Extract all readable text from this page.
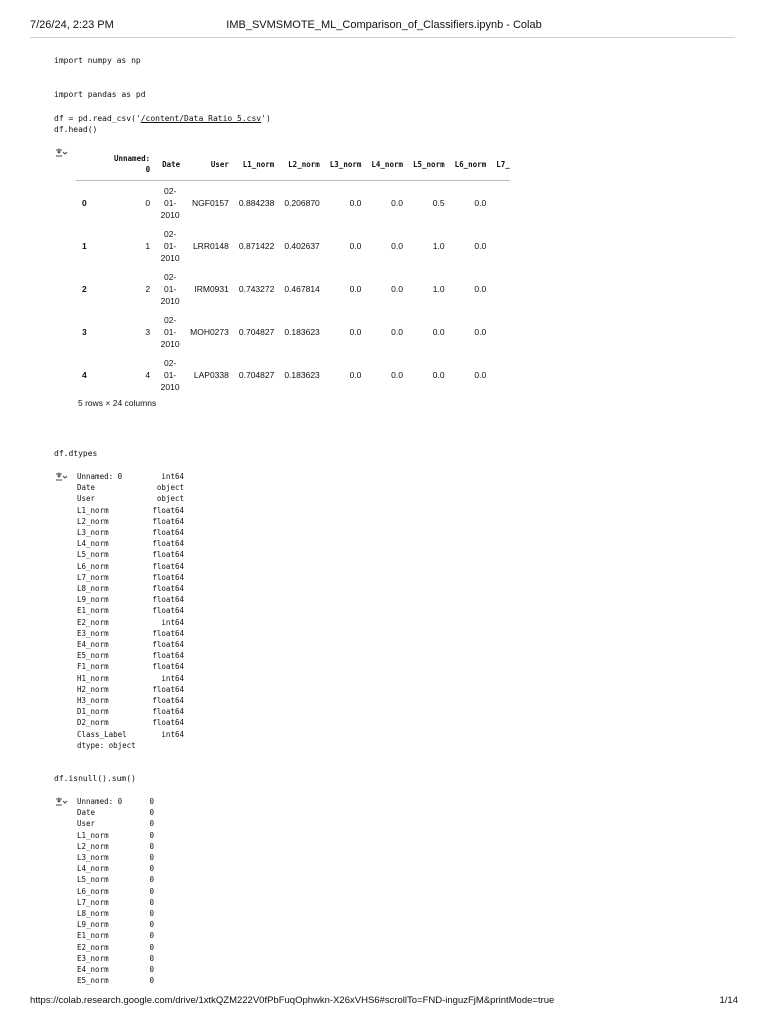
7/26/24, 2:23 PM	IMB_SVMSMOTE_ML_Comparison_of_Classifiers.ipynb - Colab
import numpy as np
import pandas as pd
df = pd.read_csv('/content/Data_Ratio_5.csv')
df.head()
	Unnamed:
0	Date	User	L1_norm	L2_norm	L3_norm	L4_norm	L5_norm	L6_norm	L7_
0	0	02-
01-
2010	NGF0157	0.884238	0.206870	0.0	0.0	0.5	0.0	
1	1	02-
01-
2010	LRR0148	0.871422	0.402637	0.0	0.0	1.0	0.0	
2	2	02-
01-
2010	IRM0931	0.743272	0.467814	0.0	0.0	1.0	0.0	
3	3	02-
01-
2010	MOH0273	0.704827	0.183623	0.0	0.0	0.0	0.0	
4	4	02-
01-
2010	LAP0338	0.704827	0.183623	0.0	0.0	0.0	0.0	
5 rows × 24 columns
df.dtypes
Unnamed: 0	int64
Date	object
User	object
L1_norm	float64
L2_norm	float64
L3_norm	float64
L4_norm	float64
L5_norm	float64
L6_norm	float64
L7_norm	float64
L8_norm	float64
L9_norm	float64
E1_norm	float64
E2_norm	int64
E3_norm	float64
E4_norm	float64
E5_norm	float64
F1_norm	float64
H1_norm	int64
H2_norm	float64
H3_norm	float64
D1_norm	float64
D2_norm	float64
Class_Label	int64
dtype: object
df.isnull().sum()
Unnamed: 0	0
Date	0
User	0
L1_norm	0
L2_norm	0
L3_norm	0
L4_norm	0
L5_norm	0
L6_norm	0
L7_norm	0
L8_norm	0
L9_norm	0
E1_norm	0
E2_norm	0
E3_norm	0
E4_norm	0
E5_norm	0
https://colab.research.google.com/drive/1xtkQZM222V0fPbFuqOphwkn-X26xVHS6#scrollTo=FND-inguzFjM&printMode=true	1/14
